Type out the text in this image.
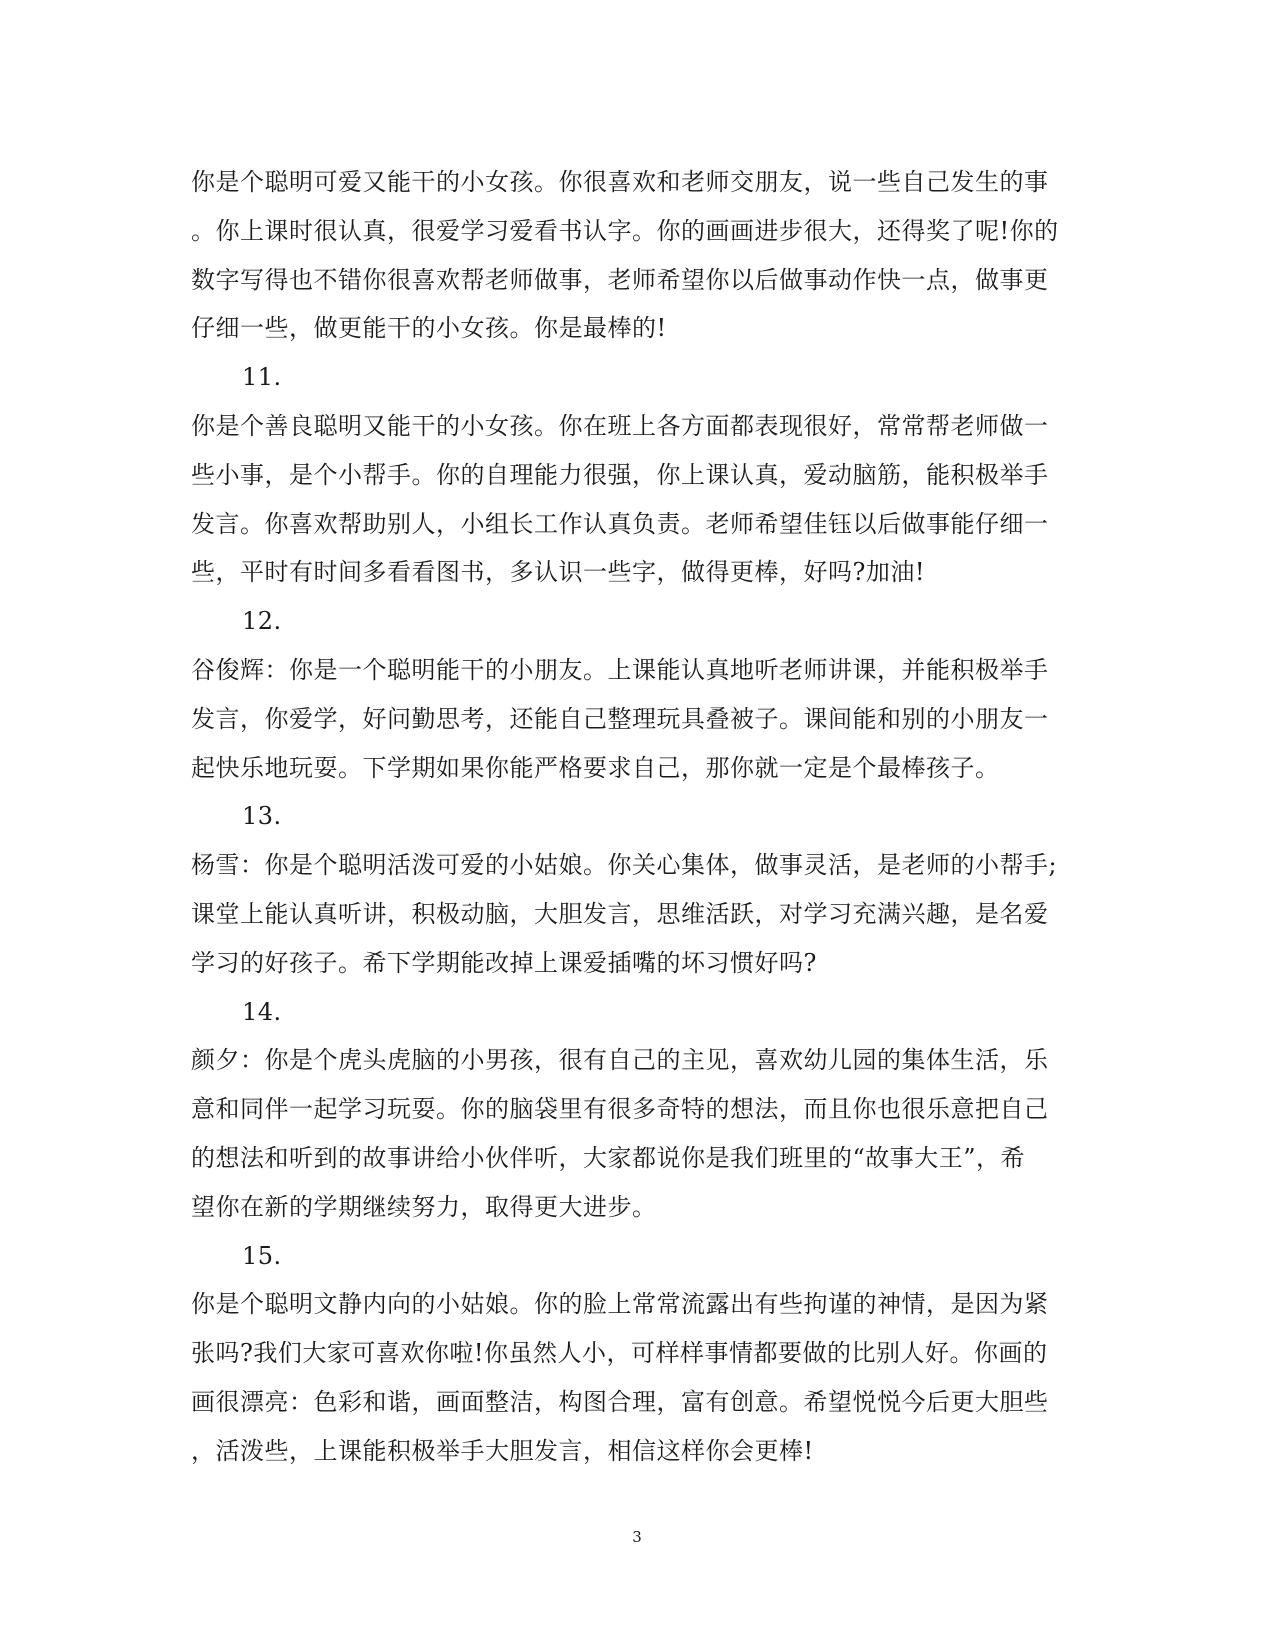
你是个聪明可爱又能干的小女孩。你很喜欢和老师交朋友，说一些自己发生的事
。你上课时很认真，很爱学习爱看书认字。你的画画进步很大，还得奖了呢!你的
数字写得也不错你很喜欢帮老师做事，老师希望你以后做事动作快一点，做事更
仔细一些，做更能干的小女孩。你是最棒的!
11.
你是个善良聪明又能干的小女孩。你在班上各方面都表现很好，常常帮老师做一
些小事，是个小帮手。你的自理能力很强，你上课认真，爱动脑筋，能积极举手
发言。你喜欢帮助别人，小组长工作认真负责。老师希望佳钰以后做事能仔细一
些，平时有时间多看看图书，多认识一些字，做得更棒，好吗?加油!
12.
谷俊辉：你是一个聪明能干的小朋友。上课能认真地听老师讲课，并能积极举手
发言，你爱学，好问勤思考，还能自己整理玩具叠被子。课间能和别的小朋友一
起快乐地玩耍。下学期如果你能严格要求自己，那你就一定是个最棒孩子。
13.
杨雪：你是个聪明活泼可爱的小姑娘。你关心集体，做事灵活，是老师的小帮手;
课堂上能认真听讲，积极动脑，大胆发言，思维活跃，对学习充满兴趣，是名爱
学习的好孩子。希下学期能改掉上课爱插嘴的坏习惯好吗?
14.
颜夕：你是个虎头虎脑的小男孩，很有自己的主见，喜欢幼儿园的集体生活，乐
意和同伴一起学习玩耍。你的脑袋里有很多奇特的想法，而且你也很乐意把自己
的想法和听到的故事讲给小伙伴听，大家都说你是我们班里的“故事大王”，希
望你在新的学期继续努力，取得更大进步。
15.
你是个聪明文静内向的小姑娘。你的脸上常常流露出有些拘谨的神情，是因为紧
张吗?我们大家可喜欢你啦!你虽然人小，可样样事情都要做的比别人好。你画的
画很漂亮：色彩和谐，画面整洁，构图合理，富有创意。希望悦悦今后更大胆些
，活泼些，上课能积极举手大胆发言，相信这样你会更棒!
3
